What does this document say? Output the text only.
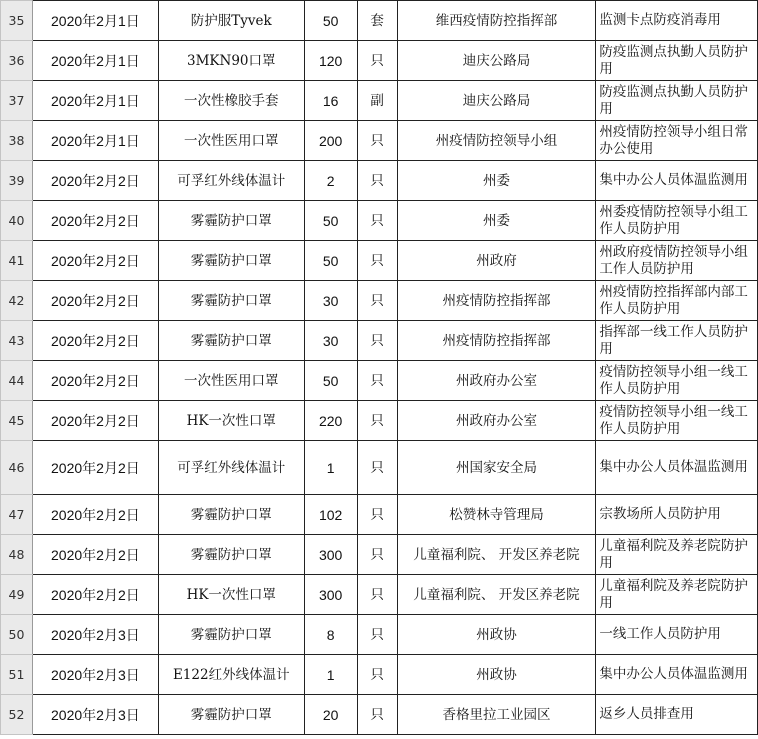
35	2020年2月1日	防护服Tyvek	50	套	维西疫情防控指挥部	监测卡点防疫消毒用
36	2020年2月1日	3MKN90口罩	120	只	迪庆公路局	防疫监测点执勤人员防护用
37	2020年2月1日	一次性橡胶手套	16	副	迪庆公路局	防疫监测点执勤人员防护用
38	2020年2月1日	一次性医用口罩	200	只	州疫情防控领导小组	州疫情防控领导小组日常办公使用
39	2020年2月2日	可孚红外线体温计	2	只	州委	集中办公人员体温监测用
40	2020年2月2日	雾霾防护口罩	50	只	州委	州委疫情防控领导小组工作人员防护用
41	2020年2月2日	雾霾防护口罩	50	只	州政府	州政府疫情防控领导小组工作人员防护用
42	2020年2月2日	雾霾防护口罩	30	只	州疫情防控指挥部	州疫情防控指挥部内部工作人员防护用
43	2020年2月2日	雾霾防护口罩	30	只	州疫情防控指挥部	指挥部一线工作人员防护用
44	2020年2月2日	一次性医用口罩	50	只	州政府办公室	疫情防控领导小组一线工作人员防护用
45	2020年2月2日	HK一次性口罩	220	只	州政府办公室	疫情防控领导小组一线工作人员防护用
46	2020年2月2日	可孚红外线体温计	1	只	州国家安全局	集中办公人员体温监测用
47	2020年2月2日	雾霾防护口罩	102	只	松赞林寺管理局	宗教场所人员防护用
48	2020年2月2日	雾霾防护口罩	300	只	儿童福利院、 开发区养老院	儿童福利院及养老院防护用
49	2020年2月2日	HK一次性口罩	300	只	儿童福利院、 开发区养老院	儿童福利院及养老院防护用
50	2020年2月3日	雾霾防护口罩	8	只	州政协	一线工作人员防护用
51	2020年2月3日	E122红外线体温计	1	只	州政协	集中办公人员体温监测用
52	2020年2月3日	雾霾防护口罩	20	只	香格里拉工业园区	返乡人员排查用
